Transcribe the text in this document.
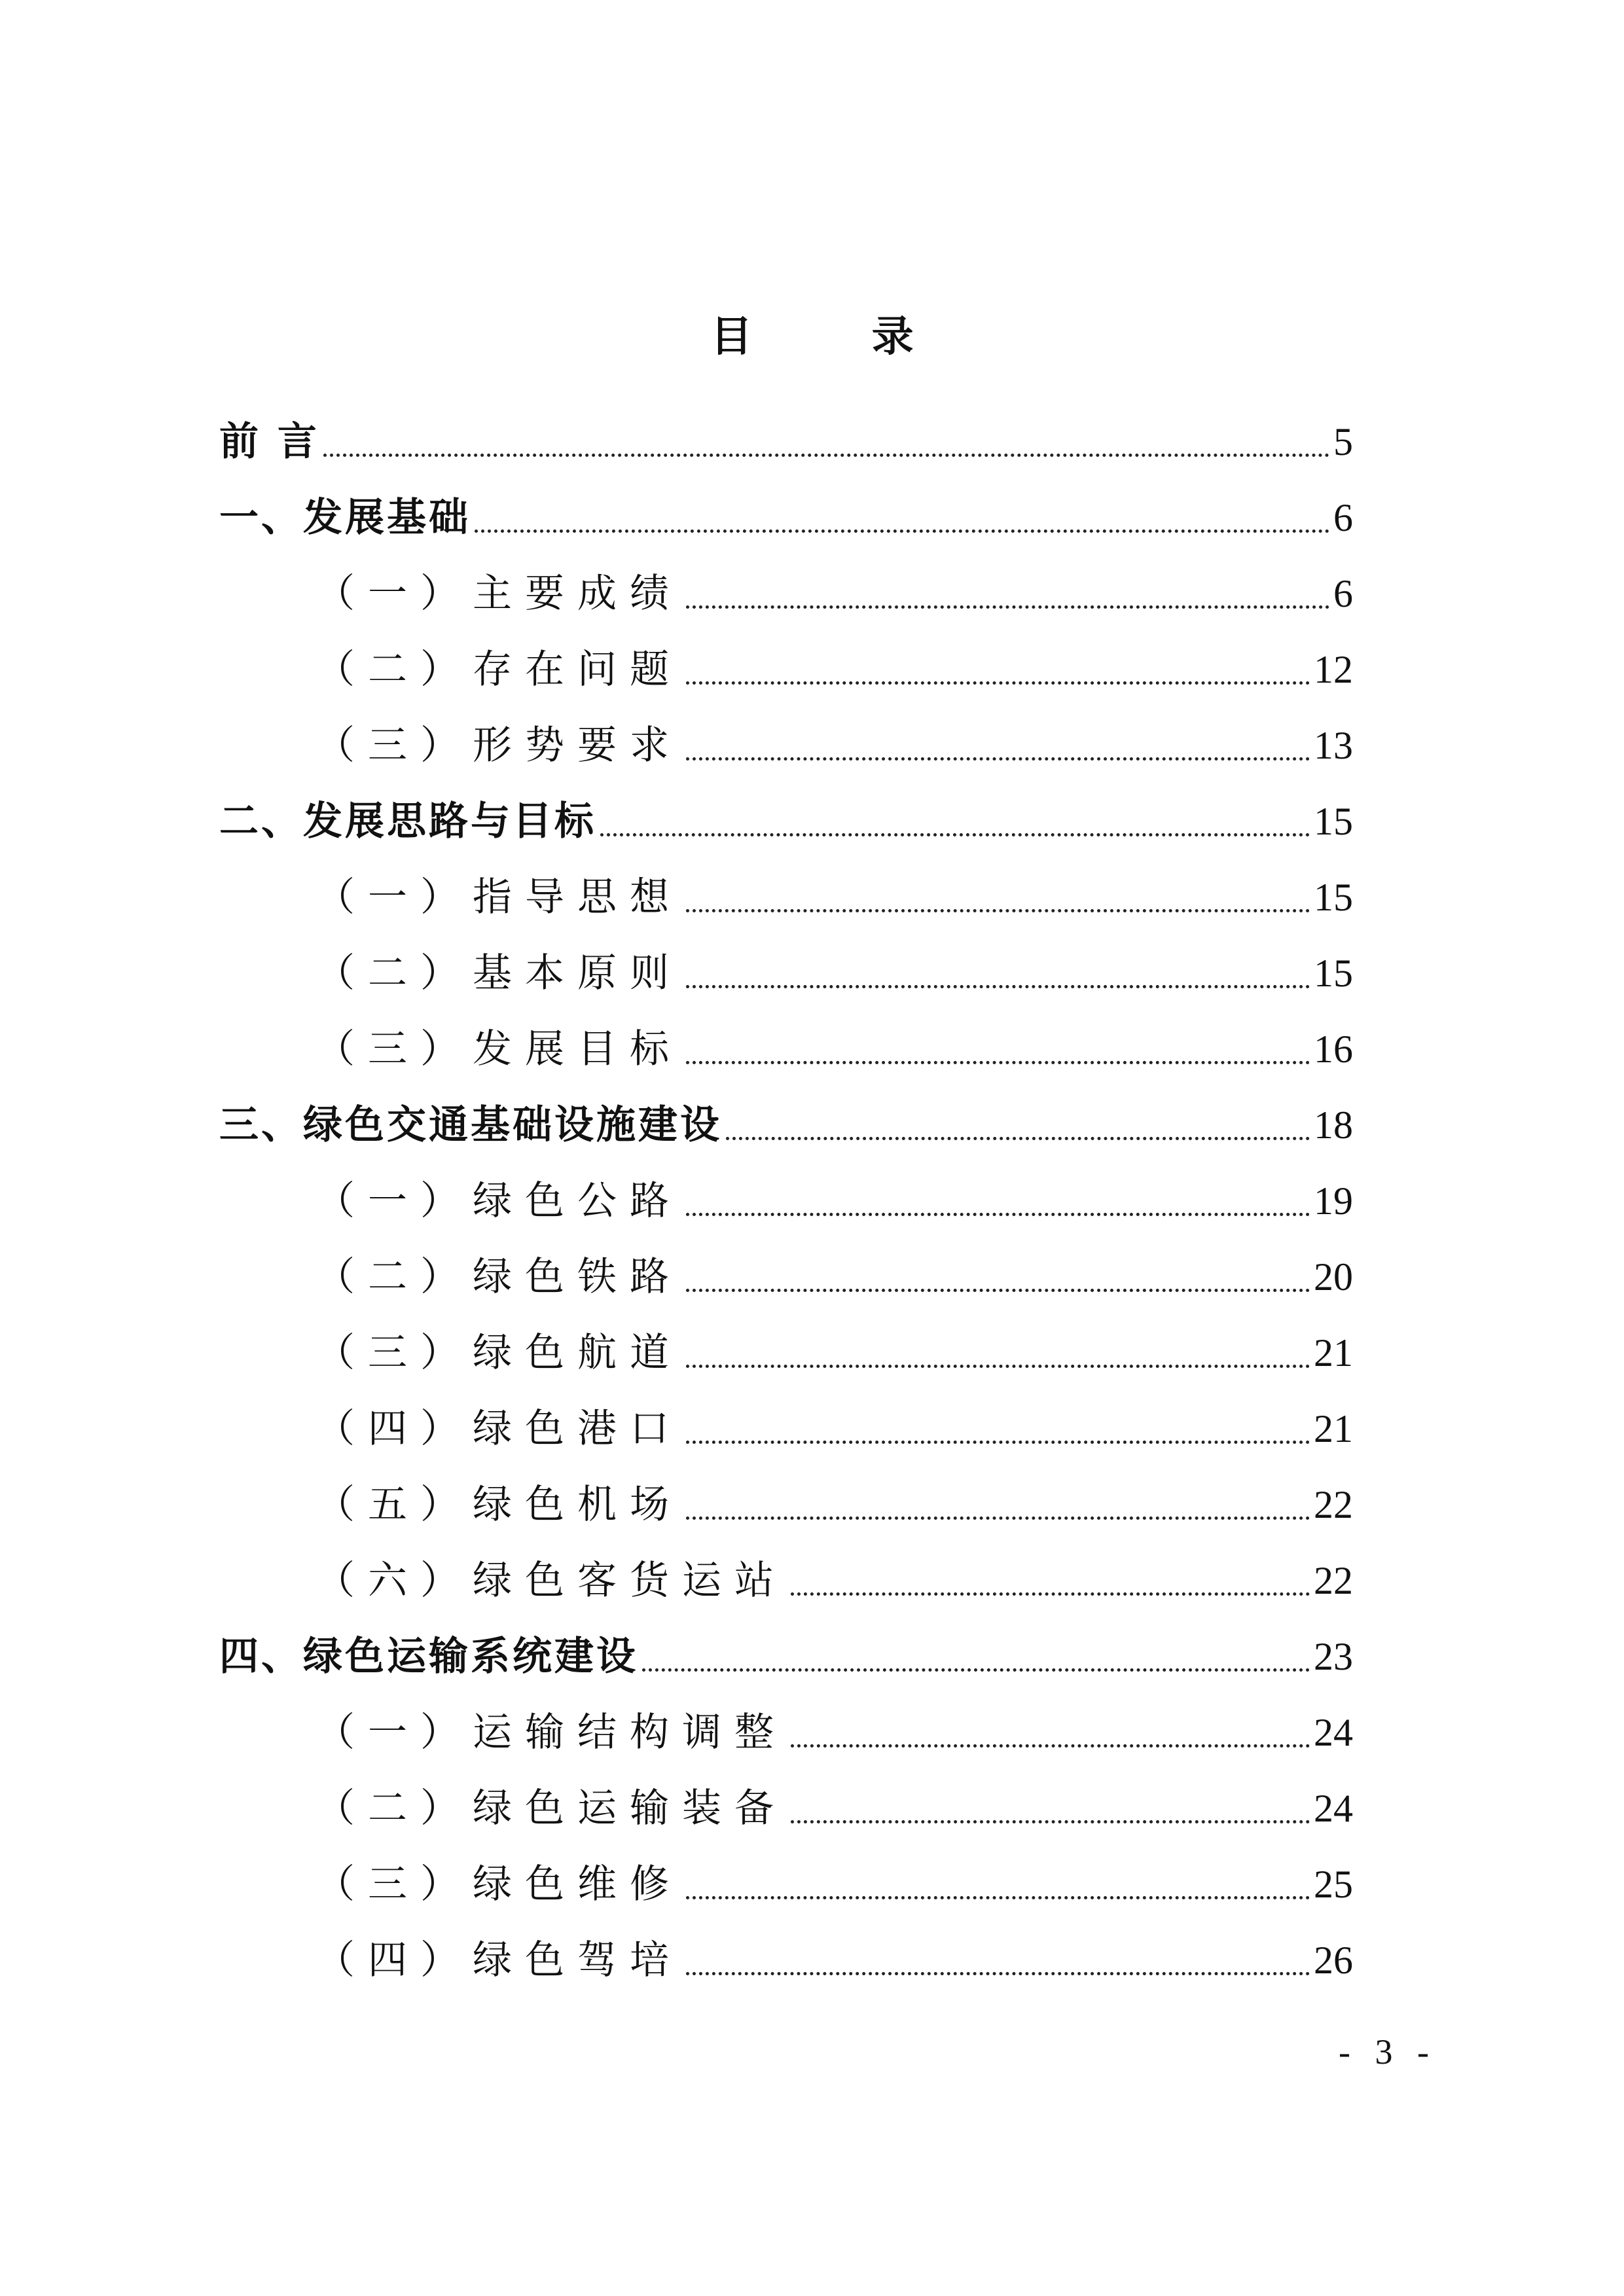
目 录
前 言	5
一、发展基础	6
（一）主要成绩	6
（二）存在问题	12
（三）形势要求	13
二、发展思路与目标	15
（一）指导思想	15
（二）基本原则	15
（三）发展目标	16
三、绿色交通基础设施建设	18
（一）绿色公路	19
（二）绿色铁路	20
（三）绿色航道	21
（四）绿色港口	21
（五）绿色机场	22
（六）绿色客货运站	22
四、绿色运输系统建设	23
（一）运输结构调整	24
（二）绿色运输装备	24
（三）绿色维修	25
（四）绿色驾培	26
- 3 -
